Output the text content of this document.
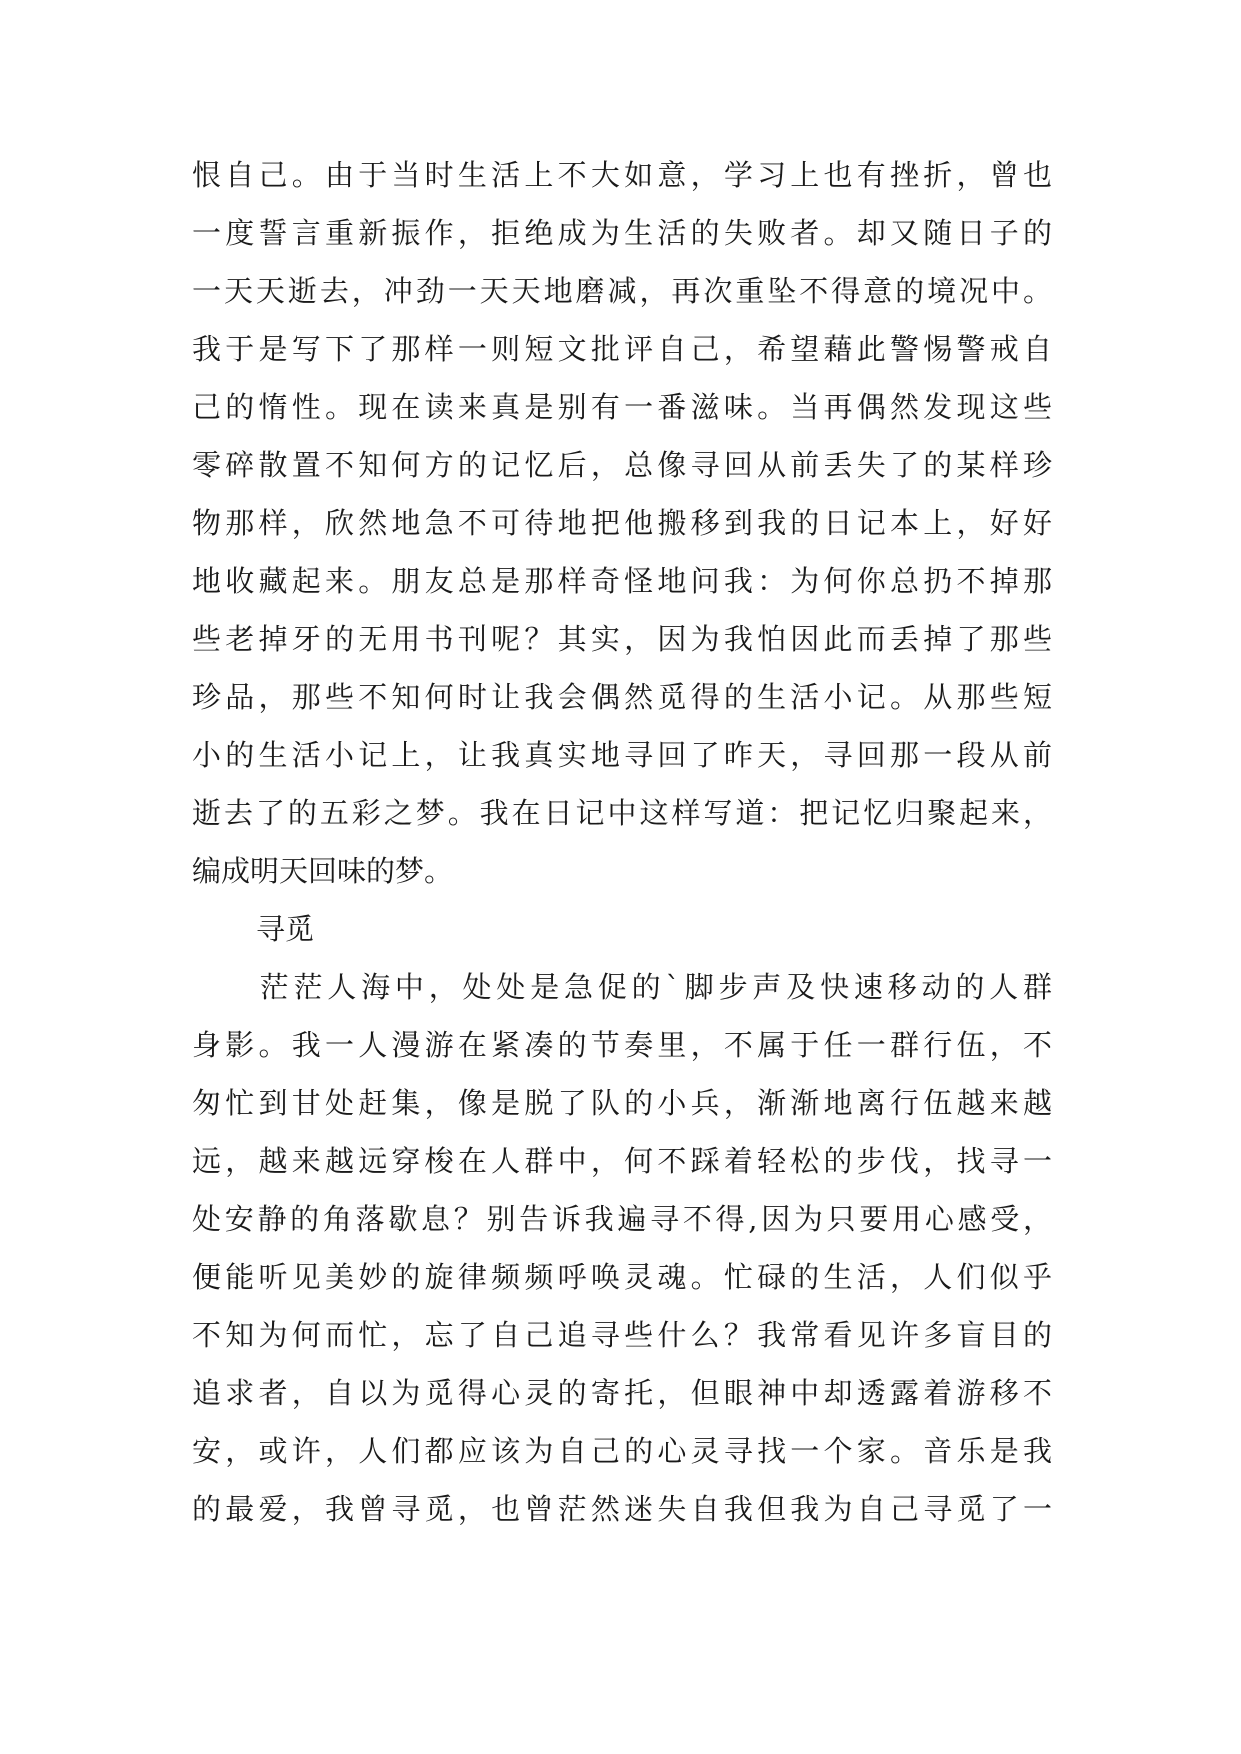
恨自己。由于当时生活上不大如意，学习上也有挫折，曾也
一度誓言重新振作，拒绝成为生活的失败者。却又随日子的
一天天逝去，冲劲一天天地磨减，再次重坠不得意的境况中。
我于是写下了那样一则短文批评自己，希望藉此警惕警戒自
己的惰性。现在读来真是别有一番滋味。当再偶然发现这些
零碎散置不知何方的记忆后，总像寻回从前丢失了的某样珍
物那样，欣然地急不可待地把他搬移到我的日记本上，好好
地收藏起来。朋友总是那样奇怪地问我：为何你总扔不掉那
些老掉牙的无用书刊呢？其实，因为我怕因此而丢掉了那些
珍品，那些不知何时让我会偶然觅得的生活小记。从那些短
小的生活小记上，让我真实地寻回了昨天，寻回那一段从前
逝去了的五彩之梦。我在日记中这样写道：把记忆归聚起来，
编成明天回味的梦。
寻觅
　　茫茫人海中，处处是急促的`脚步声及快速移动的人群
身影。我一人漫游在紧凑的节奏里，不属于任一群行伍，不
匆忙到甘处赶集，像是脱了队的小兵，渐渐地离行伍越来越
远，越来越远穿梭在人群中，何不踩着轻松的步伐，找寻一
处安静的角落歇息？别告诉我遍寻不得,因为只要用心感受，
便能听见美妙的旋律频频呼唤灵魂。忙碌的生活，人们似乎
不知为何而忙，忘了自己追寻些什么？我常看见许多盲目的
追求者，自以为觅得心灵的寄托，但眼神中却透露着游移不
安，或许，人们都应该为自己的心灵寻找一个家。音乐是我
的最爱，我曾寻觅，也曾茫然迷失自我但我为自己寻觅了一
